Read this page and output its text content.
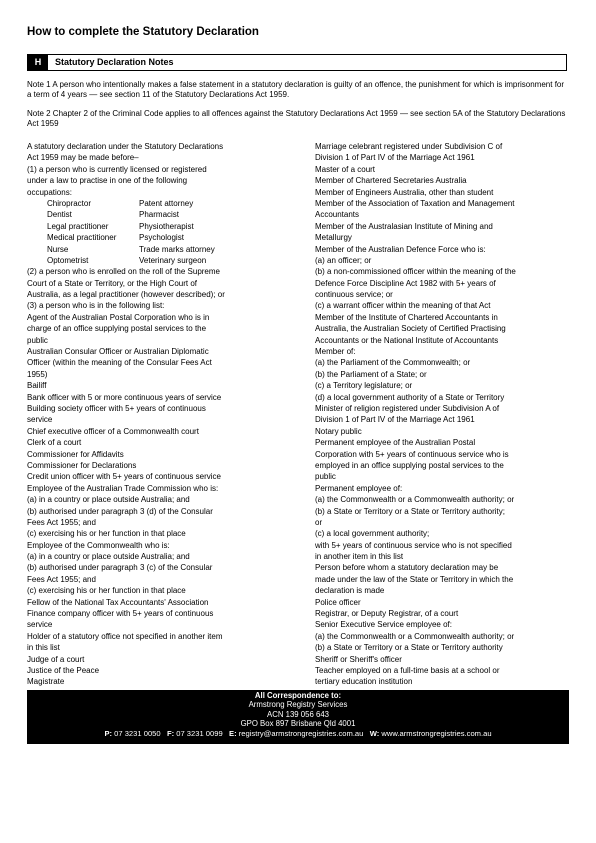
How to complete the Statutory Declaration
H	Statutory Declaration Notes
Note 1 A person who intentionally makes a false statement in a statutory declaration is guilty of an offence, the punishment for which is imprisonment for a term of 4 years — see section 11 of the Statutory Declarations Act 1959.
Note 2 Chapter 2 of the Criminal Code applies to all offences against the Statutory Declarations Act 1959 — see section 5A of the Statutory Declarations Act 1959
A statutory declaration under the Statutory Declarations
Act 1959 may be made before–
(1) a person who is currently licensed or registered
under a law to practise in one of the following
occupations:
Chiropractor	Patent attorney
Dentist	Pharmacist
Legal practitioner	Physiotherapist
Medical practitioner	Psychologist
Nurse	Trade marks attorney
Optometrist	Veterinary surgeon
(2) a person who is enrolled on the roll of the Supreme
Court of a State or Territory, or the High Court of
Australia, as a legal practitioner (however described); or
(3) a person who is in the following list:
Agent of the Australian Postal Corporation who is in
charge of an office supplying postal services to the
public
Australian Consular Officer or Australian Diplomatic
Officer (within the meaning of the Consular Fees Act
1955)
Bailiff
Bank officer with 5 or more continuous years of service
Building society officer with 5+ years of continuous
service
Chief executive officer of a Commonwealth court
Clerk of a court
Commissioner for Affidavits
Commissioner for Declarations
Credit union officer with 5+ years of continuous service
Employee of the Australian Trade Commission who is:
(a) in a country or place outside Australia; and
(b) authorised under paragraph 3 (d) of the Consular
Fees Act 1955; and
(c) exercising his or her function in that place
Employee of the Commonwealth who is:
(a) in a country or place outside Australia; and
(b) authorised under paragraph 3 (c) of the Consular
Fees Act 1955; and
(c) exercising his or her function in that place
Fellow of the National Tax Accountants' Association
Finance company officer with 5+ years of continuous
service
Holder of a statutory office not specified in another item
in this list
Judge of a court
Justice of the Peace
Magistrate
Marriage celebrant registered under Subdivision C of
Division 1 of Part IV of the Marriage Act 1961
Master of a court
Member of Chartered Secretaries Australia
Member of Engineers Australia, other than student
Member of the Association of Taxation and Management
Accountants
Member of the Australasian Institute of Mining and
Metallurgy
Member of the Australian Defence Force who is:
(a) an officer; or
(b) a non-commissioned officer within the meaning of the
Defence Force Discipline Act 1982 with 5+ years of
continuous service; or
(c) a warrant officer within the meaning of that Act
Member of the Institute of Chartered Accountants in
Australia, the Australian Society of Certified Practising
Accountants or the National Institute of Accountants
Member of:
(a) the Parliament of the Commonwealth; or
(b) the Parliament of a State; or
(c) a Territory legislature; or
(d) a local government authority of a State or Territory
Minister of religion registered under Subdivision A of
Division 1 of Part IV of the Marriage Act 1961
Notary public
Permanent employee of the Australian Postal
Corporation with 5+ years of continuous service who is
employed in an office supplying postal services to the
public
Permanent employee of:
(a) the Commonwealth or a Commonwealth authority; or
(b) a State or Territory or a State or Territory authority;
or
(c) a local government authority;
with 5+ years of continuous service who is not specified
in another item in this list
Person before whom a statutory declaration may be
made under the law of the State or Territory in which the
declaration is made
Police officer
Registrar, or Deputy Registrar, of a court
Senior Executive Service employee of:
(a) the Commonwealth or a Commonwealth authority; or
(b) a State or Territory or a State or Territory authority
Sheriff or Sheriff's officer
Teacher employed on a full-time basis at a school or
tertiary education institution
All Correspondence to:
Armstrong Registry Services
ACN 139 056 643
GPO Box 897 Brisbane Qld 4001
P: 07 3231 0050 F: 07 3231 0099 E: registry@armstrongregistries.com.au W: www.armstrongregistries.com.au
